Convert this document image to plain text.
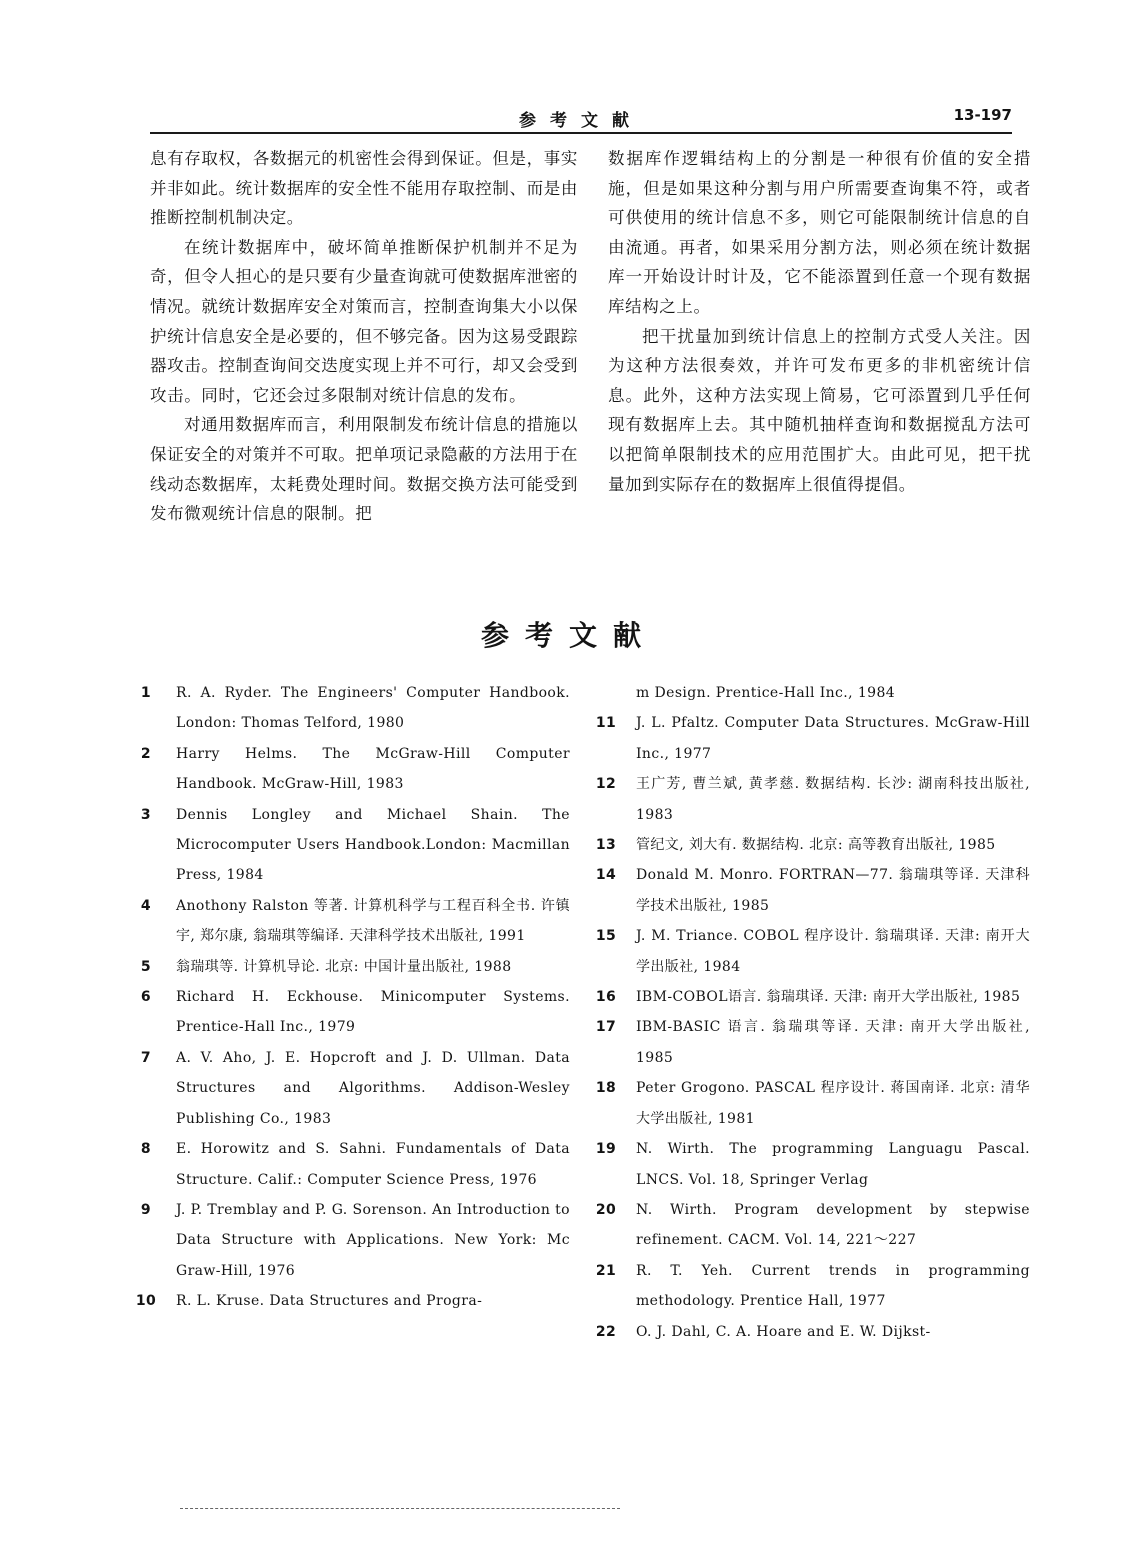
参考文献	13-197

息有存取权，各数据元的机密性会得到保证。但是，事实并非如此。统计数据库的安全性不能用存取控制、而是由推断控制机制决定。

在统计数据库中，破坏简单推断保护机制并不足为奇，但令人担心的是只要有少量查询就可使数据库泄密的情况。就统计数据库安全对策而言，控制查询集大小以保护统计信息安全是必要的，但不够完备。因为这易受跟踪器攻击。控制查询间交迭度实现上并不可行，却又会受到攻击。同时，它还会过多限制对统计信息的发布。

对通用数据库而言，利用限制发布统计信息的措施以保证安全的对策并不可取。把单项记录隐蔽的方法用于在线动态数据库，太耗费处理时间。数据交换方法可能受到发布微观统计信息的限制。把

数据库作逻辑结构上的分割是一种很有价值的安全措施，但是如果这种分割与用户所需要查询集不符，或者可供使用的统计信息不多，则它可能限制统计信息的自由流通。再者，如果采用分割方法，则必须在统计数据库一开始设计时计及，它不能添置到任意一个现有数据库结构之上。

把干扰量加到统计信息上的控制方式受人关注。因为这种方法很奏效，并许可发布更多的非机密统计信息。此外，这种方法实现上简易，它可添置到几乎任何现有数据库上去。其中随机抽样查询和数据搅乱方法可以把简单限制技术的应用范围扩大。由此可见，把干扰量加到实际存在的数据库上很值得提倡。

参考文献
1	R. A. Ryder. The Engineers' Computer Handbook. London: Thomas Telford, 1980
2	Harry Helms. The McGraw-Hill Computer Handbook. McGraw-Hill, 1983
3	Dennis Longley and Michael Shain. The Microcomputer Users Handbook.London: Macmillan Press, 1984
4	Anothony Ralston 等著. 计算机科学与工程百科全书. 许镇宇, 郑尔康, 翁瑞琪等编译. 天津科学技术出版社, 1991
5	翁瑞琪等. 计算机导论. 北京: 中国计量出版社, 1988
6	Richard H. Eckhouse. Minicomputer Systems. Prentice-Hall Inc., 1979
7	A. V. Aho, J. E. Hopcroft and J. D. Ullman. Data Structures and Algorithms. Addison-Wesley Publishing Co., 1983
8	E. Horowitz and S. Sahni. Fundamentals of Data Structure. Calif.: Computer Science Press, 1976
9	J. P. Tremblay and P. G. Sorenson. An Introduction to Data Structure with Applications. New York: Mc Graw-Hill, 1976
10	R. L. Kruse. Data Structures and Progra-
m Design. Prentice-Hall Inc., 1984
11	J. L. Pfaltz. Computer Data Structures. McGraw-Hill Inc., 1977
12	王广芳, 曹兰斌, 黄孝慈. 数据结构. 长沙: 湖南科技出版社, 1983
13	管纪文, 刘大有. 数据结构. 北京: 高等教育出版社, 1985
14	Donald M. Monro. FORTRAN—77. 翁瑞琪等译. 天津科学技术出版社, 1985
15	J. M. Triance. COBOL 程序设计. 翁瑞琪译. 天津: 南开大学出版社, 1984
16	IBM-COBOL语言. 翁瑞琪译. 天津: 南开大学出版社, 1985
17	IBM-BASIC 语言. 翁瑞琪等译. 天津: 南开大学出版社, 1985
18	Peter Grogono. PASCAL 程序设计. 蒋国南译. 北京: 清华大学出版社, 1981
19	N. Wirth. The programming Languagu Pascal. LNCS. Vol. 18, Springer Verlag
20	N. Wirth. Program development by stepwise refinement. CACM. Vol. 14, 221～227
21	R. T. Yeh. Current trends in programming methodology. Prentice Hall, 1977
22	O. J. Dahl, C. A. Hoare and E. W. Dijkst-
